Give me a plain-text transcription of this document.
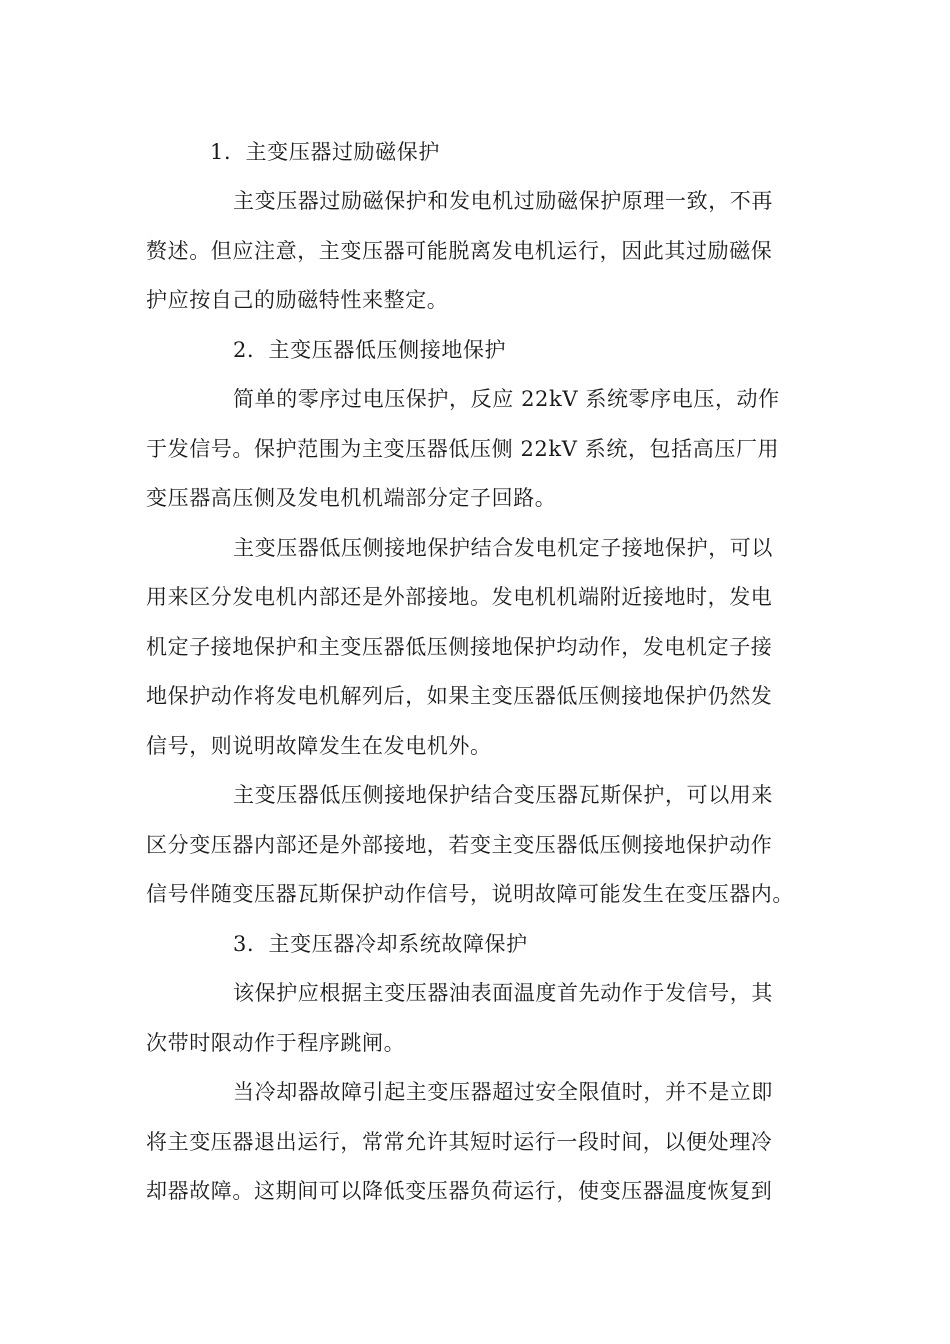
1．主变压器过励磁保护
主变压器过励磁保护和发电机过励磁保护原理一致，不再
赘述。但应注意，主变压器可能脱离发电机运行，因此其过励磁保
护应按自己的励磁特性来整定。
2．主变压器低压侧接地保护
简单的零序过电压保护，反应 22kV 系统零序电压，动作
于发信号。保护范围为主变压器低压侧 22kV 系统，包括高压厂用
变压器高压侧及发电机机端部分定子回路。
主变压器低压侧接地保护结合发电机定子接地保护，可以
用来区分发电机内部还是外部接地。发电机机端附近接地时，发电
机定子接地保护和主变压器低压侧接地保护均动作，发电机定子接
地保护动作将发电机解列后，如果主变压器低压侧接地保护仍然发
信号，则说明故障发生在发电机外。
主变压器低压侧接地保护结合变压器瓦斯保护，可以用来
区分变压器内部还是外部接地，若变主变压器低压侧接地保护动作
信号伴随变压器瓦斯保护动作信号，说明故障可能发生在变压器内。
3．主变压器冷却系统故障保护
该保护应根据主变压器油表面温度首先动作于发信号，其
次带时限动作于程序跳闸。
当冷却器故障引起主变压器超过安全限值时，并不是立即
将主变压器退出运行，常常允许其短时运行一段时间，以便处理冷
却器故障。这期间可以降低变压器负荷运行，使变压器温度恢复到
